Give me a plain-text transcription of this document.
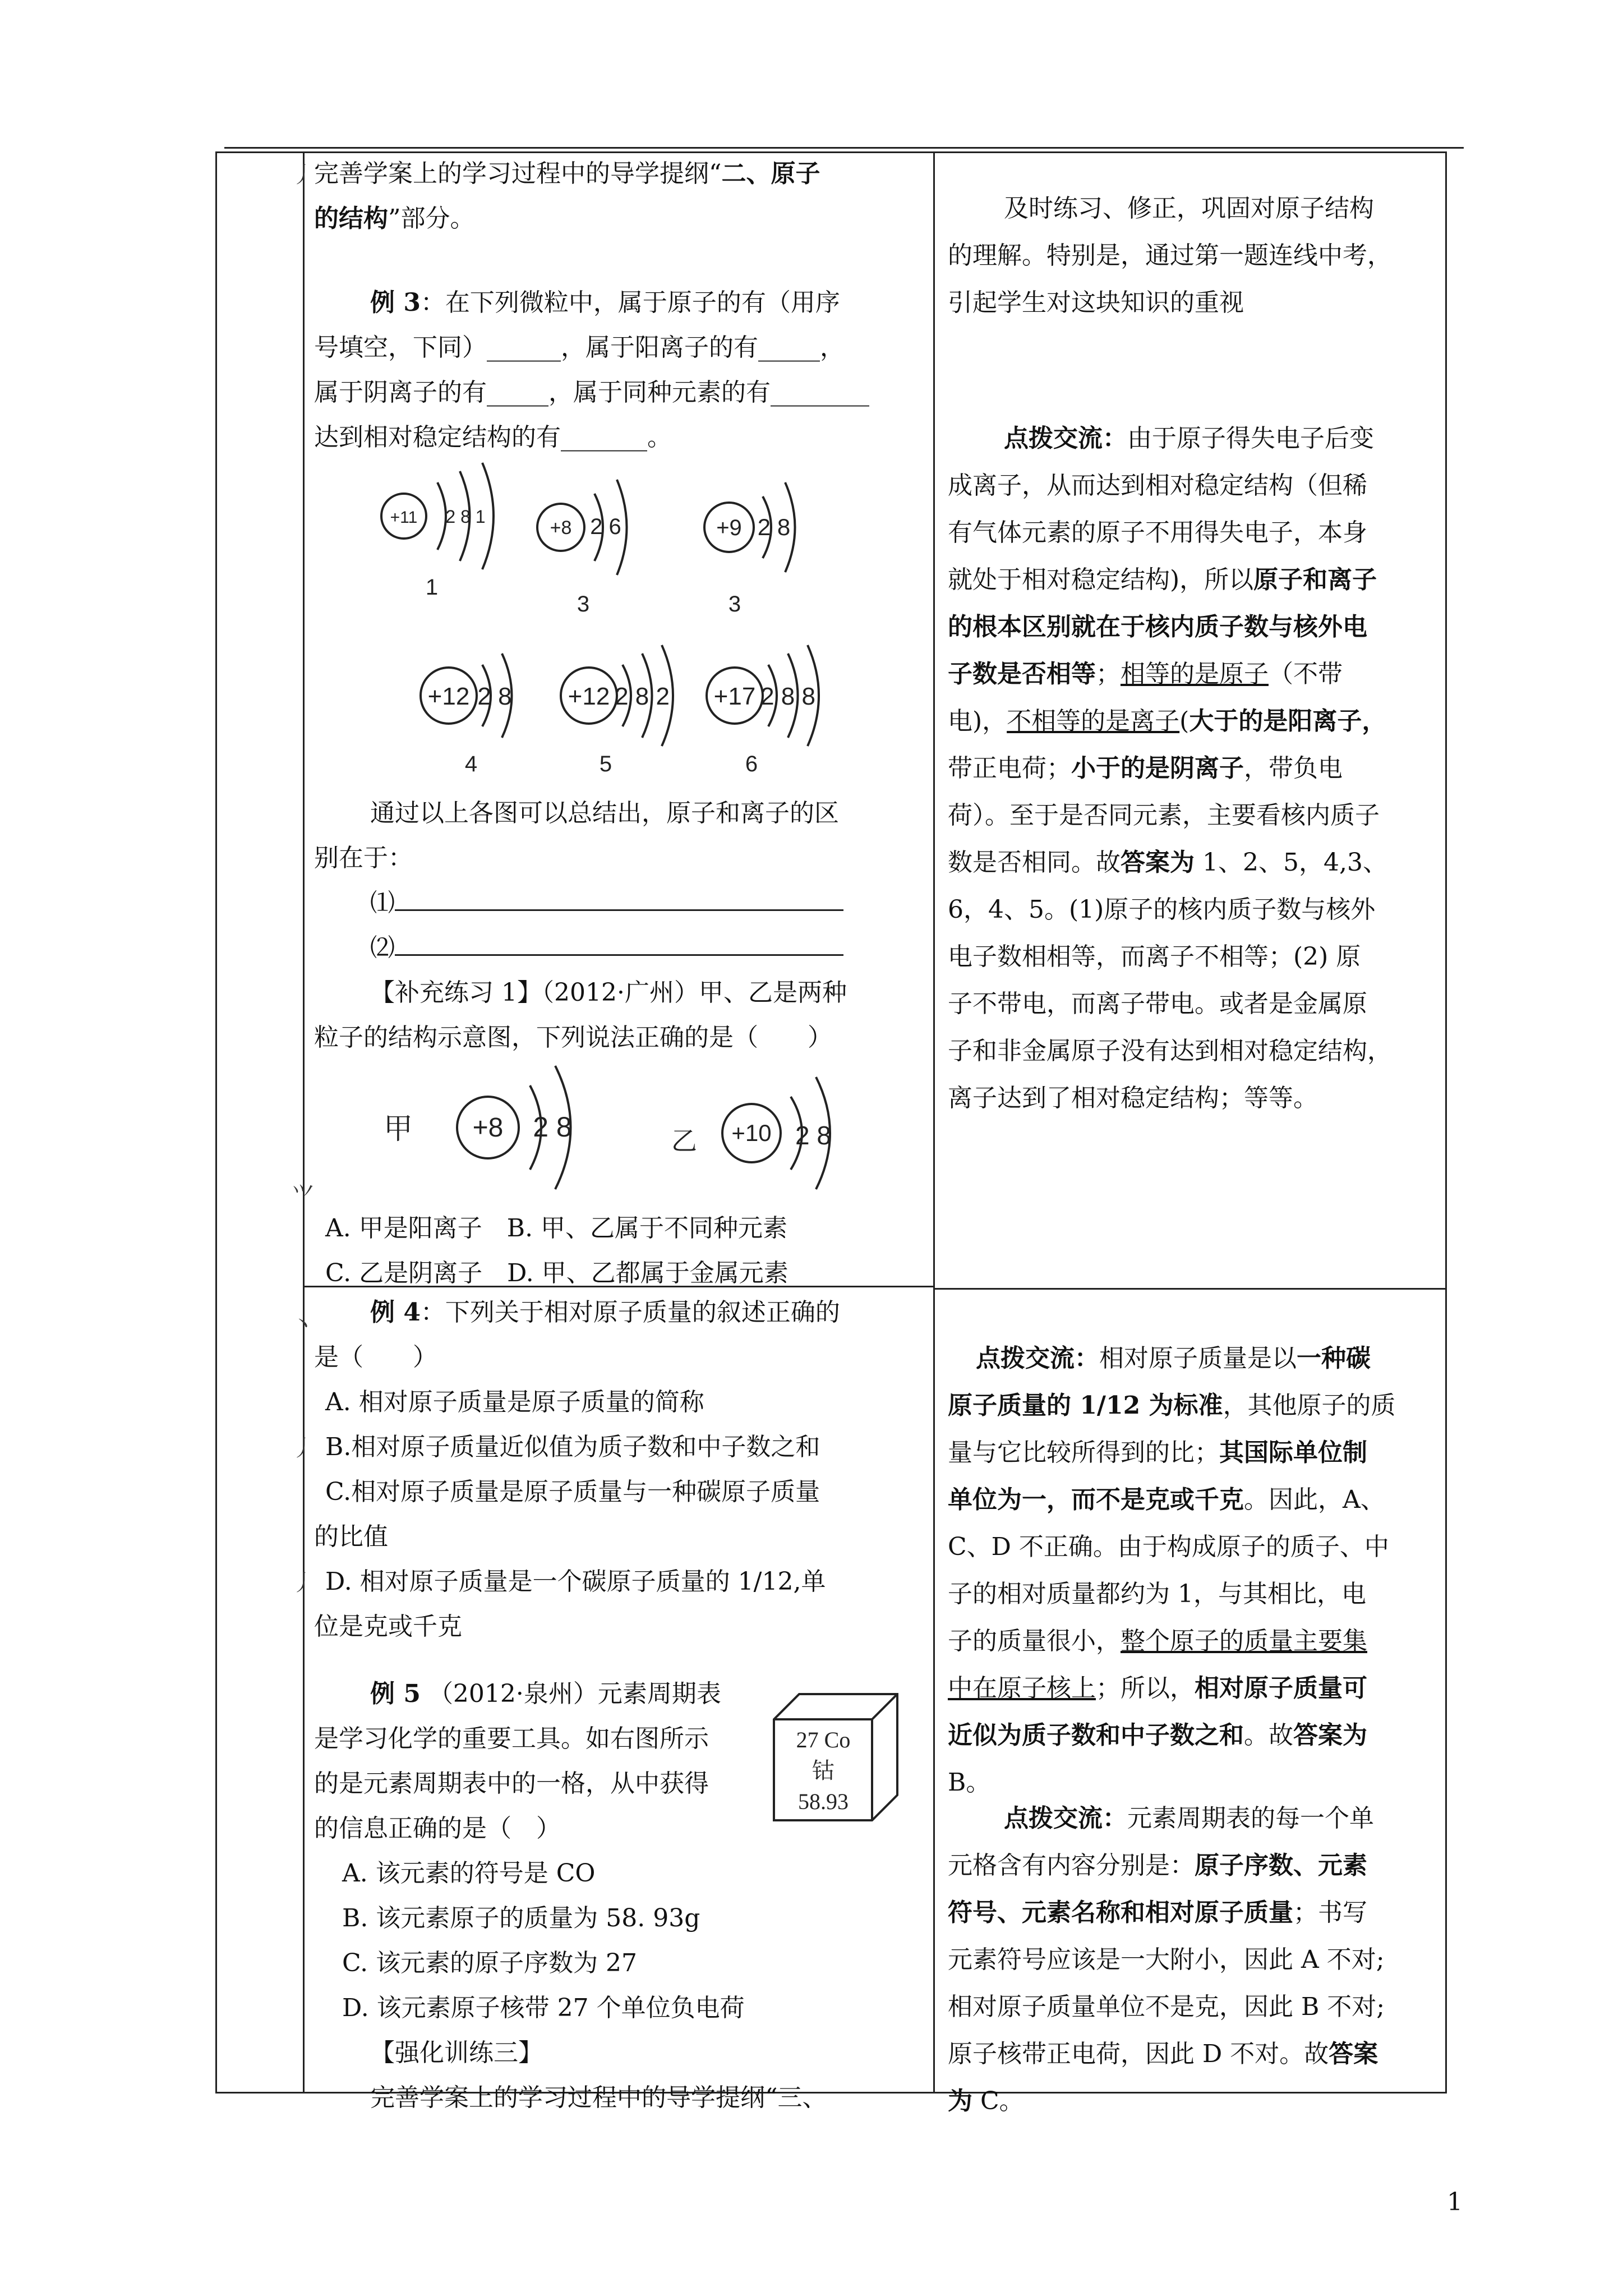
丿
⺍
丶
丿
丿
完善学案上的学习过程中的导学提纲“二、原子
的结构”部分。
例 3：在下列微粒中，属于原子的有（用序
号填空，下同）______，属于阳离子的有_____，
属于阴离子的有_____，属于同种元素的有________
达到相对稳定结构的有_______。
+11 2 8 1
1
+8 2 6
3
+9 2 8
3
+12 2 8
4
+12 2 8 2
5
+17 2 8 8
6
通过以上各图可以总结出，原子和离子的区
别在于：
⑴
⑵
【补充练习 1】（2012·广州）甲、乙是两种
粒子的结构示意图，下列说法正确的是（　　）
甲 +8 2 8	乙 +10 2 8
A. 甲是阳离子　B. 甲、乙属于不同种元素
C. 乙是阴离子　D. 甲、乙都属于金属元素
例 4：下列关于相对原子质量的叙述正确的
是（　　）
A. 相对原子质量是原子质量的简称
B.相对原子质量近似值为质子数和中子数之和
C.相对原子质量是原子质量与一种碳原子质量
的比值
D. 相对原子质量是一个碳原子质量的 1/12,单
位是克或千克
例 5 （2012·泉州）元素周期表
是学习化学的重要工具。如右图所示
的是元素周期表中的一格，从中获得
的信息正确的是（　）
27 Co
钴
58.93
A. 该元素的符号是 CO
B. 该元素原子的质量为 58. 93g
C. 该元素的原子序数为 27
D. 该元素原子核带 27 个单位负电荷
【强化训练三】
完善学案上的学习过程中的导学提纲“三、
及时练习、修正，巩固对原子结构
的理解。特别是，通过第一题连线中考，
引起学生对这块知识的重视
点拨交流：由于原子得失电子后变
成离子，从而达到相对稳定结构（但稀
有气体元素的原子不用得失电子，本身
就处于相对稳定结构)，所以原子和离子
的根本区别就在于核内质子数与核外电
子数是否相等；相等的是原子（不带
电)，不相等的是离子(大于的是阳离子，
带正电荷；小于的是阴离子，带负电
荷）。至于是否同元素，主要看核内质子
数是否相同。故答案为 1、2、5，4,3、
6，4、5。(1)原子的核内质子数与核外
电子数相相等，而离子不相等；(2) 原
子不带电，而离子带电。或者是金属原
子和非金属原子没有达到相对稳定结构，
离子达到了相对稳定结构；等等。
点拨交流：相对原子质量是以一种碳
原子质量的 1/12 为标准，其他原子的质
量与它比较所得到的比；其国际单位制
单位为一，而不是克或千克。因此，A、
C、D 不正确。由于构成原子的质子、中
子的相对质量都约为 1，与其相比，电
子的质量很小，整个原子的质量主要集
中在原子核上；所以，相对原子质量可
近似为质子数和中子数之和。故答案为
B。
点拨交流：元素周期表的每一个单
元格含有内容分别是：原子序数、元素
符号、元素名称和相对原子质量；书写
元素符号应该是一大附小，因此 A 不对;
相对原子质量单位不是克，因此 B 不对;
原子核带正电荷，因此 D 不对。故答案
为 C。
1
